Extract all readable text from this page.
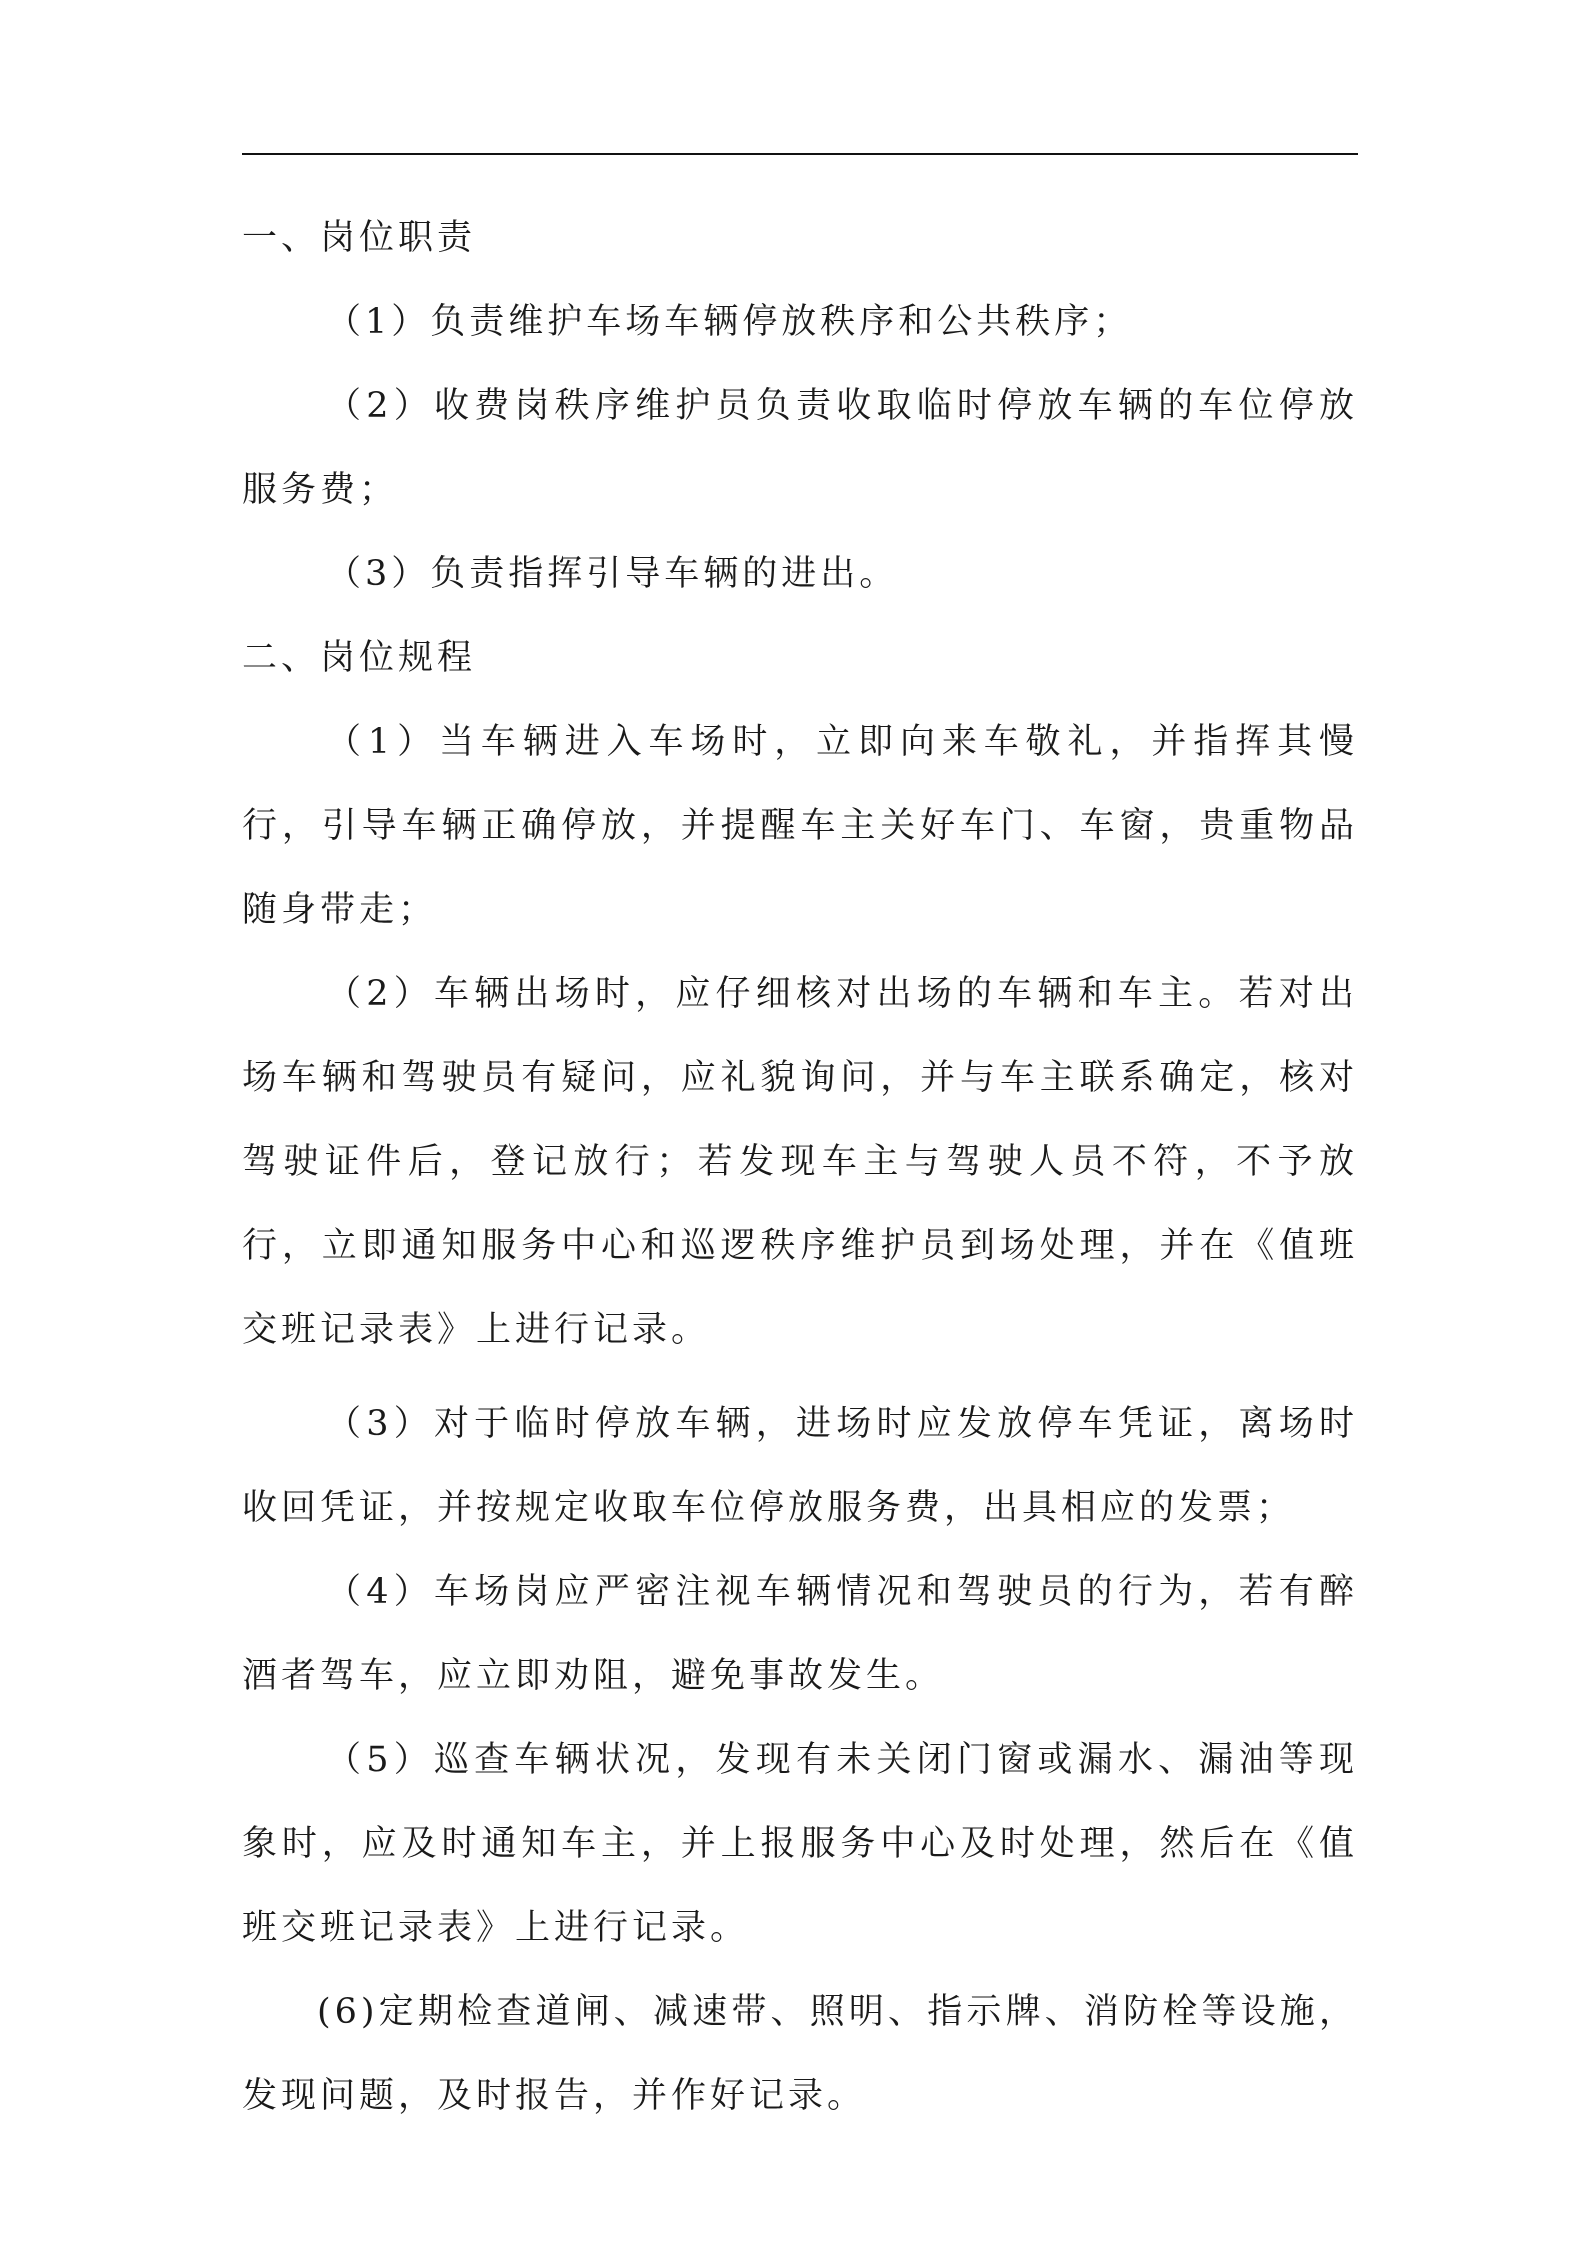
一、岗位职责

（1）负责维护车场车辆停放秩序和公共秩序；

（2）收费岗秩序维护员负责收取临时停放车辆的车位停放服务费；

（3）负责指挥引导车辆的进出。

二、岗位规程

（1）当车辆进入车场时，立即向来车敬礼，并指挥其慢行，引导车辆正确停放，并提醒车主关好车门、车窗，贵重物品随身带走；

（2）车辆出场时，应仔细核对出场的车辆和车主。若对出场车辆和驾驶员有疑问，应礼貌询问，并与车主联系确定，核对驾驶证件后，登记放行；若发现车主与驾驶人员不符，不予放行，立即通知服务中心和巡逻秩序维护员到场处理，并在《值班交班记录表》上进行记录。

（3）对于临时停放车辆，进场时应发放停车凭证，离场时收回凭证，并按规定收取车位停放服务费，出具相应的发票；

（4）车场岗应严密注视车辆情况和驾驶员的行为，若有醉酒者驾车，应立即劝阻，避免事故发生。

（5）巡查车辆状况，发现有未关闭门窗或漏水、漏油等现象时，应及时通知车主，并上报服务中心及时处理，然后在《值班交班记录表》上进行记录。

(6)定期检查道闸、减速带、照明、指示牌、消防栓等设施，发现问题，及时报告，并作好记录。
